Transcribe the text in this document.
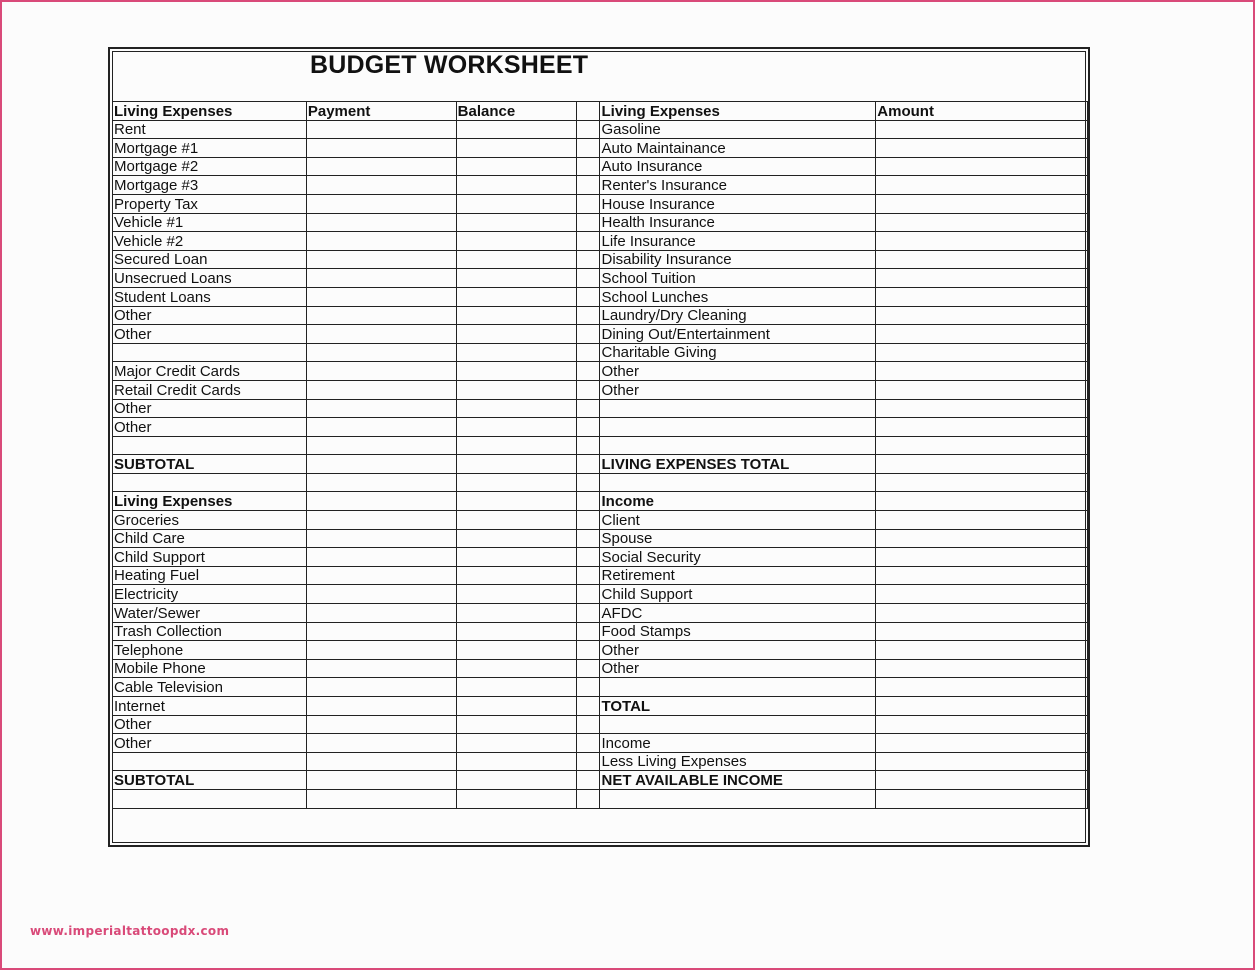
BUDGET WORKSHEET
Living Expenses	Payment	Balance		Living Expenses	Amount
Rent				Gasoline	
Mortgage #1				Auto Maintainance	
Mortgage #2				Auto Insurance	
Mortgage #3				Renter's Insurance	
Property Tax				House Insurance	
Vehicle #1				Health Insurance	
Vehicle #2				Life Insurance	
Secured Loan				Disability Insurance	
Unsecrued Loans				School Tuition	
Student Loans				School Lunches	
Other				Laundry/Dry Cleaning	
Other				Dining Out/Entertainment	
				Charitable Giving	
Major Credit Cards				Other	
Retail Credit Cards				Other	
Other					
Other					

SUBTOTAL				LIVING EXPENSES TOTAL	

Living Expenses				Income	
Groceries				Client	
Child Care				Spouse	
Child Support				Social Security	
Heating Fuel				Retirement	
Electricity				Child Support	
Water/Sewer				AFDC	
Trash Collection				Food Stamps	
Telephone				Other	
Mobile Phone				Other	
Cable Television					
Internet				TOTAL	
Other					
Other				Income	
				Less Living Expenses	
SUBTOTAL				NET AVAILABLE INCOME	

www.imperialtattoopdx.com
